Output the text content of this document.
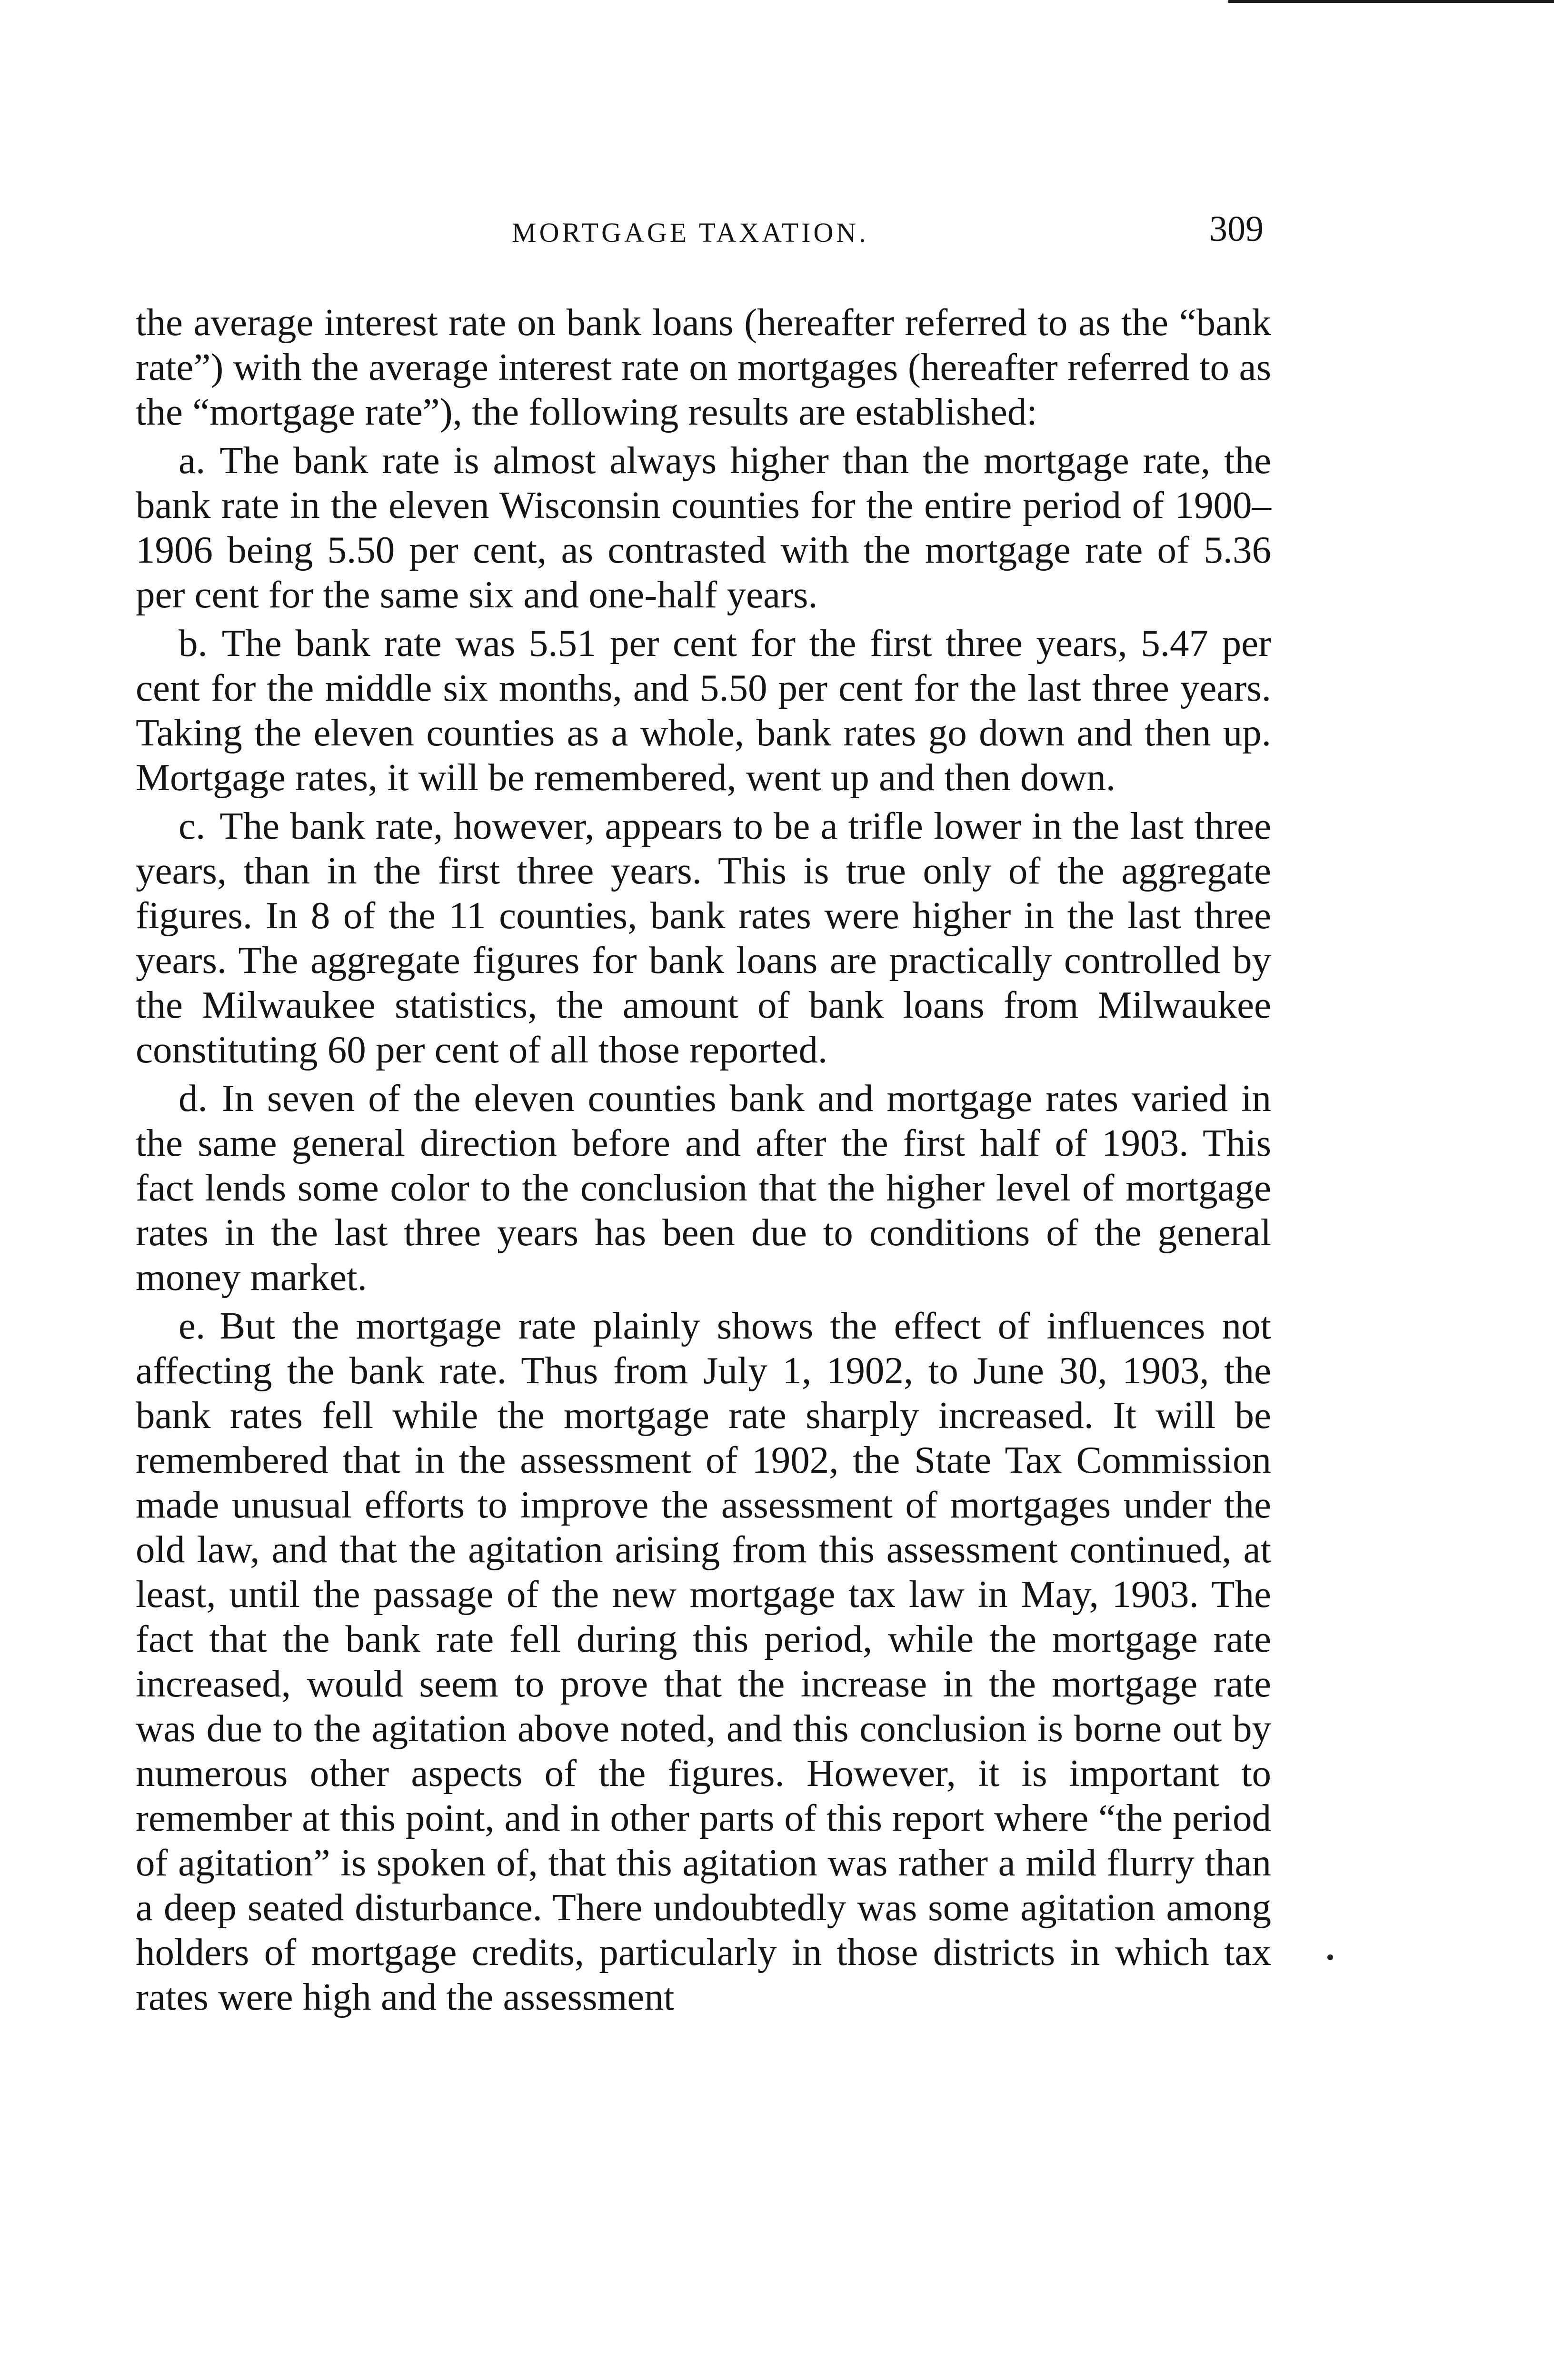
MORTGAGE TAXATION.	309

the average interest rate on bank loans (hereafter referred to as the “bank rate”) with the average interest rate on mortgages (hereafter referred to as the “mortgage rate”), the following results are established:

a. The bank rate is almost always higher than the mortgage rate, the bank rate in the eleven Wisconsin counties for the entire period of 1900–1906 being 5.50 per cent, as contrasted with the mortgage rate of 5.36 per cent for the same six and one-half years.

b. The bank rate was 5.51 per cent for the first three years, 5.47 per cent for the middle six months, and 5.50 per cent for the last three years. Taking the eleven counties as a whole, bank rates go down and then up. Mortgage rates, it will be remembered, went up and then down.

c. The bank rate, however, appears to be a trifle lower in the last three years, than in the first three years. This is true only of the aggregate figures. In 8 of the 11 counties, bank rates were higher in the last three years. The aggregate figures for bank loans are practically controlled by the Milwaukee statistics, the amount of bank loans from Milwaukee constituting 60 per cent of all those reported.

d. In seven of the eleven counties bank and mortgage rates varied in the same general direction before and after the first half of 1903. This fact lends some color to the conclusion that the higher level of mortgage rates in the last three years has been due to conditions of the general money market.

e. But the mortgage rate plainly shows the effect of influences not affecting the bank rate. Thus from July 1, 1902, to June 30, 1903, the bank rates fell while the mortgage rate sharply increased. It will be remembered that in the assessment of 1902, the State Tax Commission made unusual efforts to improve the assessment of mortgages under the old law, and that the agitation arising from this assessment continued, at least, until the passage of the new mortgage tax law in May, 1903. The fact that the bank rate fell during this period, while the mortgage rate increased, would seem to prove that the increase in the mortgage rate was due to the agitation above noted, and this conclusion is borne out by numerous other aspects of the figures. However, it is important to remember at this point, and in other parts of this report where “the period of agitation” is spoken of, that this agitation was rather a mild flurry than a deep seated disturbance. There undoubtedly was some agitation among holders of mortgage credits, particularly in those districts in which tax rates were high and the assessment
